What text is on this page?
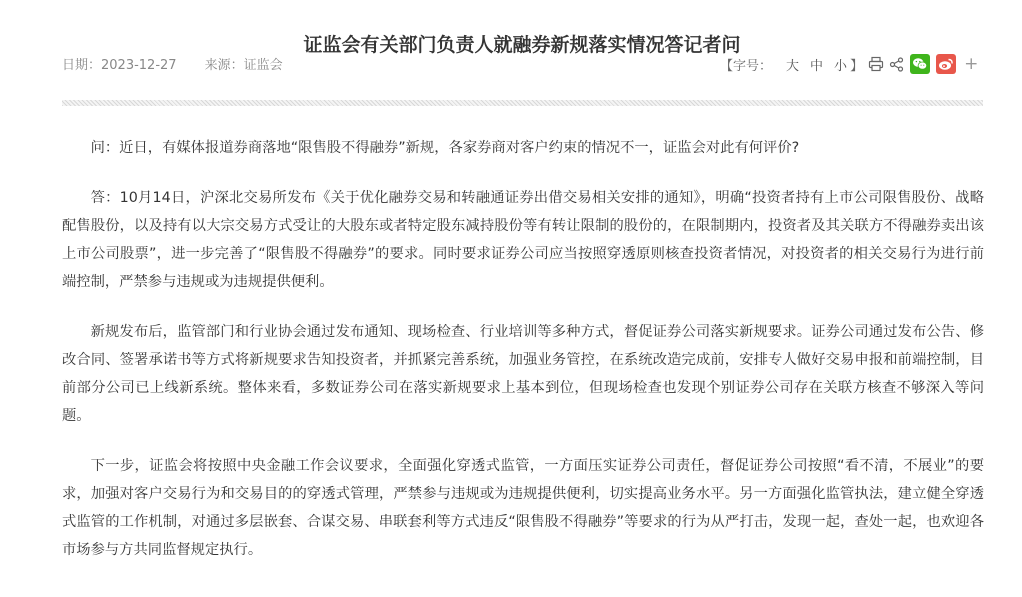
证监会有关部门负责人就融券新规落实情况答记者问
日期：2023-12-27 来源：证监会	【字号： 大 中 小 】	+

问：近日，有媒体报道券商落地“限售股不得融券”新规，各家券商对客户约束的情况不一，证监会对此有何评价?

答：10月14日，沪深北交易所发布《关于优化融券交易和转融通证券出借交易相关安排的通知》，明确“投资者持有上市公司限售股份、战略配售股份，以及持有以大宗交易方式受让的大股东或者特定股东减持股份等有转让限制的股份的，在限制期内，投资者及其关联方不得融券卖出该上市公司股票”，进一步完善了“限售股不得融券”的要求。同时要求证券公司应当按照穿透原则核查投资者情况，对投资者的相关交易行为进行前端控制，严禁参与违规或为违规提供便利。

新规发布后，监管部门和行业协会通过发布通知、现场检查、行业培训等多种方式，督促证券公司落实新规要求。证券公司通过发布公告、修改合同、签署承诺书等方式将新规要求告知投资者，并抓紧完善系统，加强业务管控，在系统改造完成前，安排专人做好交易申报和前端控制，目前部分公司已上线新系统。整体来看，多数证券公司在落实新规要求上基本到位，但现场检查也发现个别证券公司存在关联方核查不够深入等问题。

下一步，证监会将按照中央金融工作会议要求，全面强化穿透式监管，一方面压实证券公司责任，督促证券公司按照“看不清，不展业”的要求，加强对客户交易行为和交易目的的穿透式管理，严禁参与违规或为违规提供便利，切实提高业务水平。另一方面强化监管执法，建立健全穿透式监管的工作机制，对通过多层嵌套、合谋交易、串联套利等方式违反“限售股不得融券”等要求的行为从严打击，发现一起，查处一起，也欢迎各市场参与方共同监督规定执行。
